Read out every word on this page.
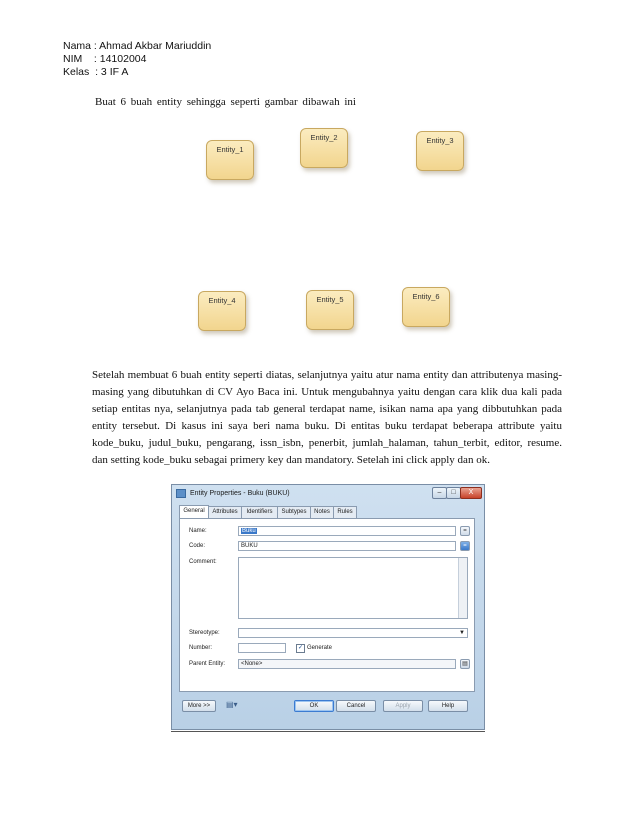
Nama : Ahmad Akbar Mariuddin
NIM    : 14102004
Kelas  : 3 IF A
Buat 6 buah entity sehingga seperti gambar dibawah ini
Entity_1
Entity_2	Entity_3
Entity_4	Entity_5	Entity_6
Setelah membuat 6 buah entity seperti diatas, selanjutnya yaitu atur nama entity dan attributenya masing-masing yang dibutuhkan di CV Ayo Baca ini. Untuk mengubahnya yaitu dengan cara klik dua kali pada setiap entitas nya, selanjutnya pada tab general terdapat name, isikan nama apa yang dibbutuhkan pada entity tersebut. Di kasus ini saya beri nama buku. Di entitas buku terdapat beberapa attribute yaitu kode_buku, judul_buku, pengarang, issn_isbn, penerbit, jumlah_halaman, tahun_terbit, editor, resume. dan setting kode_buku sebagai primery key dan mandatory. Setelah ini click apply dan ok.
Entity Properties - Buku (BUKU)	–	□	X
General	Attributes	Identifiers	Subtypes	Notes	Rules
Name:	Buku	=
Code:	BUKU	=
Comment:
Stereotype:	▼
Number:	✓ Generate
Parent Entity:	<None>	▤
More >>	▤▾	OK	Cancel	Apply	Help
